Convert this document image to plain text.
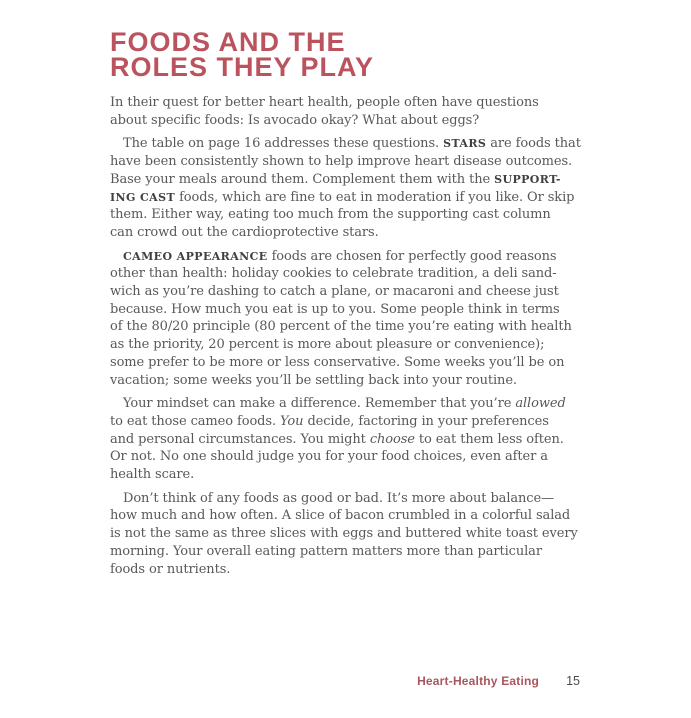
FOODS AND THE
ROLES THEY PLAY

In their quest for better heart health, people often have questions
about specific foods: Is avocado okay? What about eggs?

The table on page 16 addresses these questions. STARS are foods that
have been consistently shown to help improve heart disease outcomes.
Base your meals around them. Complement them with the SUPPORT-
ING CAST foods, which are fine to eat in moderation if you like. Or skip
them. Either way, eating too much from the supporting cast column
can crowd out the cardioprotective stars.

CAMEO APPEARANCE foods are chosen for perfectly good reasons
other than health: holiday cookies to celebrate tradition, a deli sand-
wich as you’re dashing to catch a plane, or macaroni and cheese just
because. How much you eat is up to you. Some people think in terms
of the 80/20 principle (80 percent of the time you’re eating with health
as the priority, 20 percent is more about pleasure or convenience);
some prefer to be more or less conservative. Some weeks you’ll be on
vacation; some weeks you’ll be settling back into your routine.

Your mindset can make a difference. Remember that you’re allowed
to eat those cameo foods. You decide, factoring in your preferences
and personal circumstances. You might choose to eat them less often.
Or not. No one should judge you for your food choices, even after a
health scare.

Don’t think of any foods as good or bad. It’s more about balance—
how much and how often. A slice of bacon crumbled in a colorful salad
is not the same as three slices with eggs and buttered white toast every
morning. Your overall eating pattern matters more than particular
foods or nutrients.

Heart-Healthy Eating 15
